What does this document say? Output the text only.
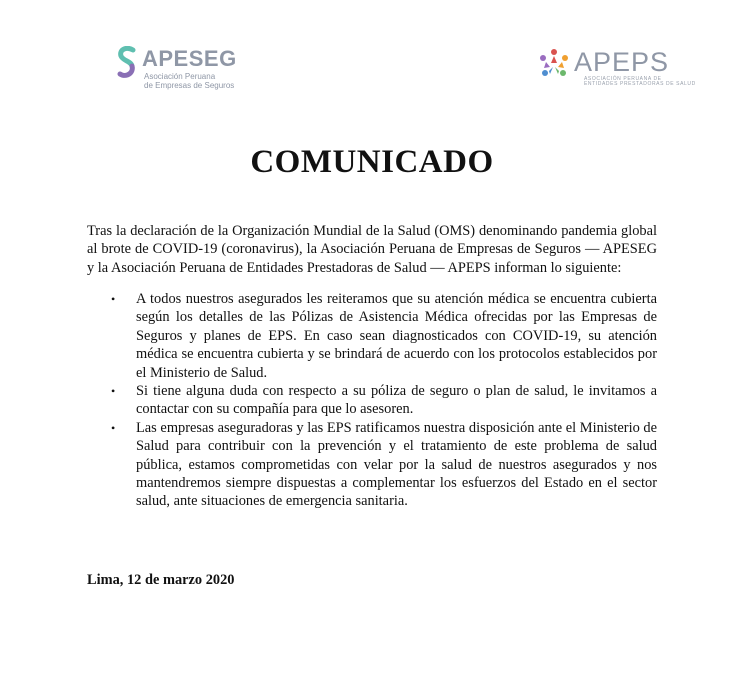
APESEG
Asociación Peruana
de Empresas de Seguros
APEPS
ASOCIACIÓN PERUANA DE
ENTIDADES PRESTADORAS DE SALUD
COMUNICADO

Tras la declaración de la Organización Mundial de la Salud (OMS) denominando pandemia global al brote de COVID-19 (coronavirus), la Asociación Peruana de Empresas de Seguros — APESEG y la Asociación Peruana de Entidades Prestadoras de Salud — APEPS informan lo siguiente:

• A todos nuestros asegurados les reiteramos que su atención médica se encuentra cubierta según los detalles de las Pólizas de Asistencia Médica ofrecidas por las Empresas de Seguros y planes de EPS. En caso sean diagnosticados con COVID-19, su atención médica se encuentra cubierta y se brindará de acuerdo con los protocolos establecidos por el Ministerio de Salud.
• Si tiene alguna duda con respecto a su póliza de seguro o plan de salud, le invitamos a contactar con su compañía para que lo asesoren.
• Las empresas aseguradoras y las EPS ratificamos nuestra disposición ante el Ministerio de Salud para contribuir con la prevención y el tratamiento de este problema de salud pública, estamos comprometidas con velar por la salud de nuestros asegurados y nos mantendremos siempre dispuestas a complementar los esfuerzos del Estado en el sector salud, ante situaciones de emergencia sanitaria.
Lima, 12 de marzo 2020
